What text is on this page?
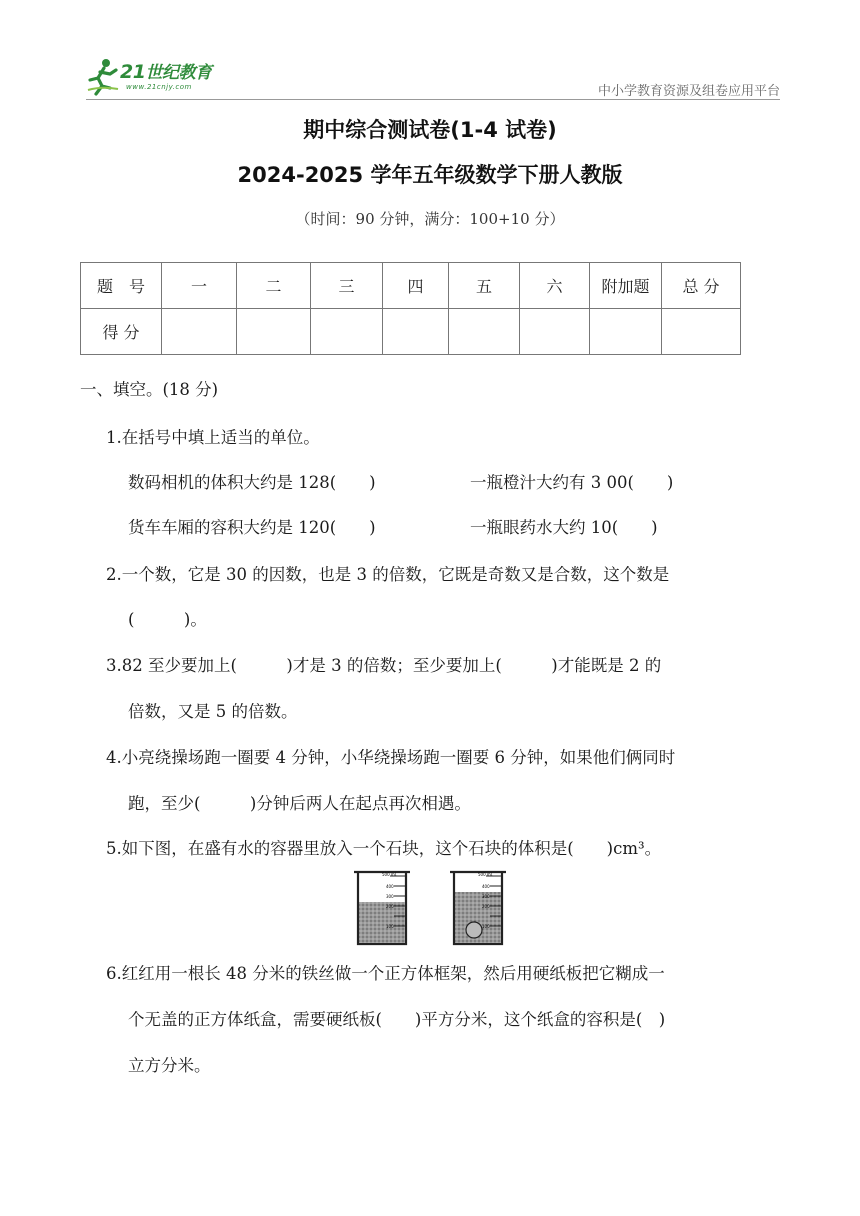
21世纪教育
www.21cnjy.com	中小学教育资源及组卷应用平台
期中综合测试卷(1-4 试卷)
2024-2025 学年五年级数学下册人教版
（时间：90 分钟，满分：100+10 分）
题　号	一	二	三	四	五	六	附加题	总 分
得 分								
一、填空。(18 分)
1.在括号中填上适当的单位。
数码相机的体积大约是 128(　　)	一瓶橙汁大约有 3 00(　　)
货车车厢的容积大约是 120(　　)	一瓶眼药水大约 10(　　)
2.一个数，它是 30 的因数，也是 3 的倍数，它既是奇数又是合数，这个数是
(　　　)。
3.82 至少要加上(　　　)才是 3 的倍数；至少要加上(　　　)才能既是 2 的
倍数，又是 5 的倍数。
4.小亮绕操场跑一圈要 4 分钟，小华绕操场跑一圈要 6 分钟，如果他们俩同时
跑，至少(　　　)分钟后两人在起点再次相遇。
5.如下图，在盛有水的容器里放入一个石块，这个石块的体积是(　　)cm³。
500 mL
400
300
200
100
500 mL
400
300
200
100
6.红红用一根长 48 分米的铁丝做一个正方体框架，然后用硬纸板把它糊成一
个无盖的正方体纸盒，需要硬纸板(　　)平方分米，这个纸盒的容积是(　)
立方分米。
